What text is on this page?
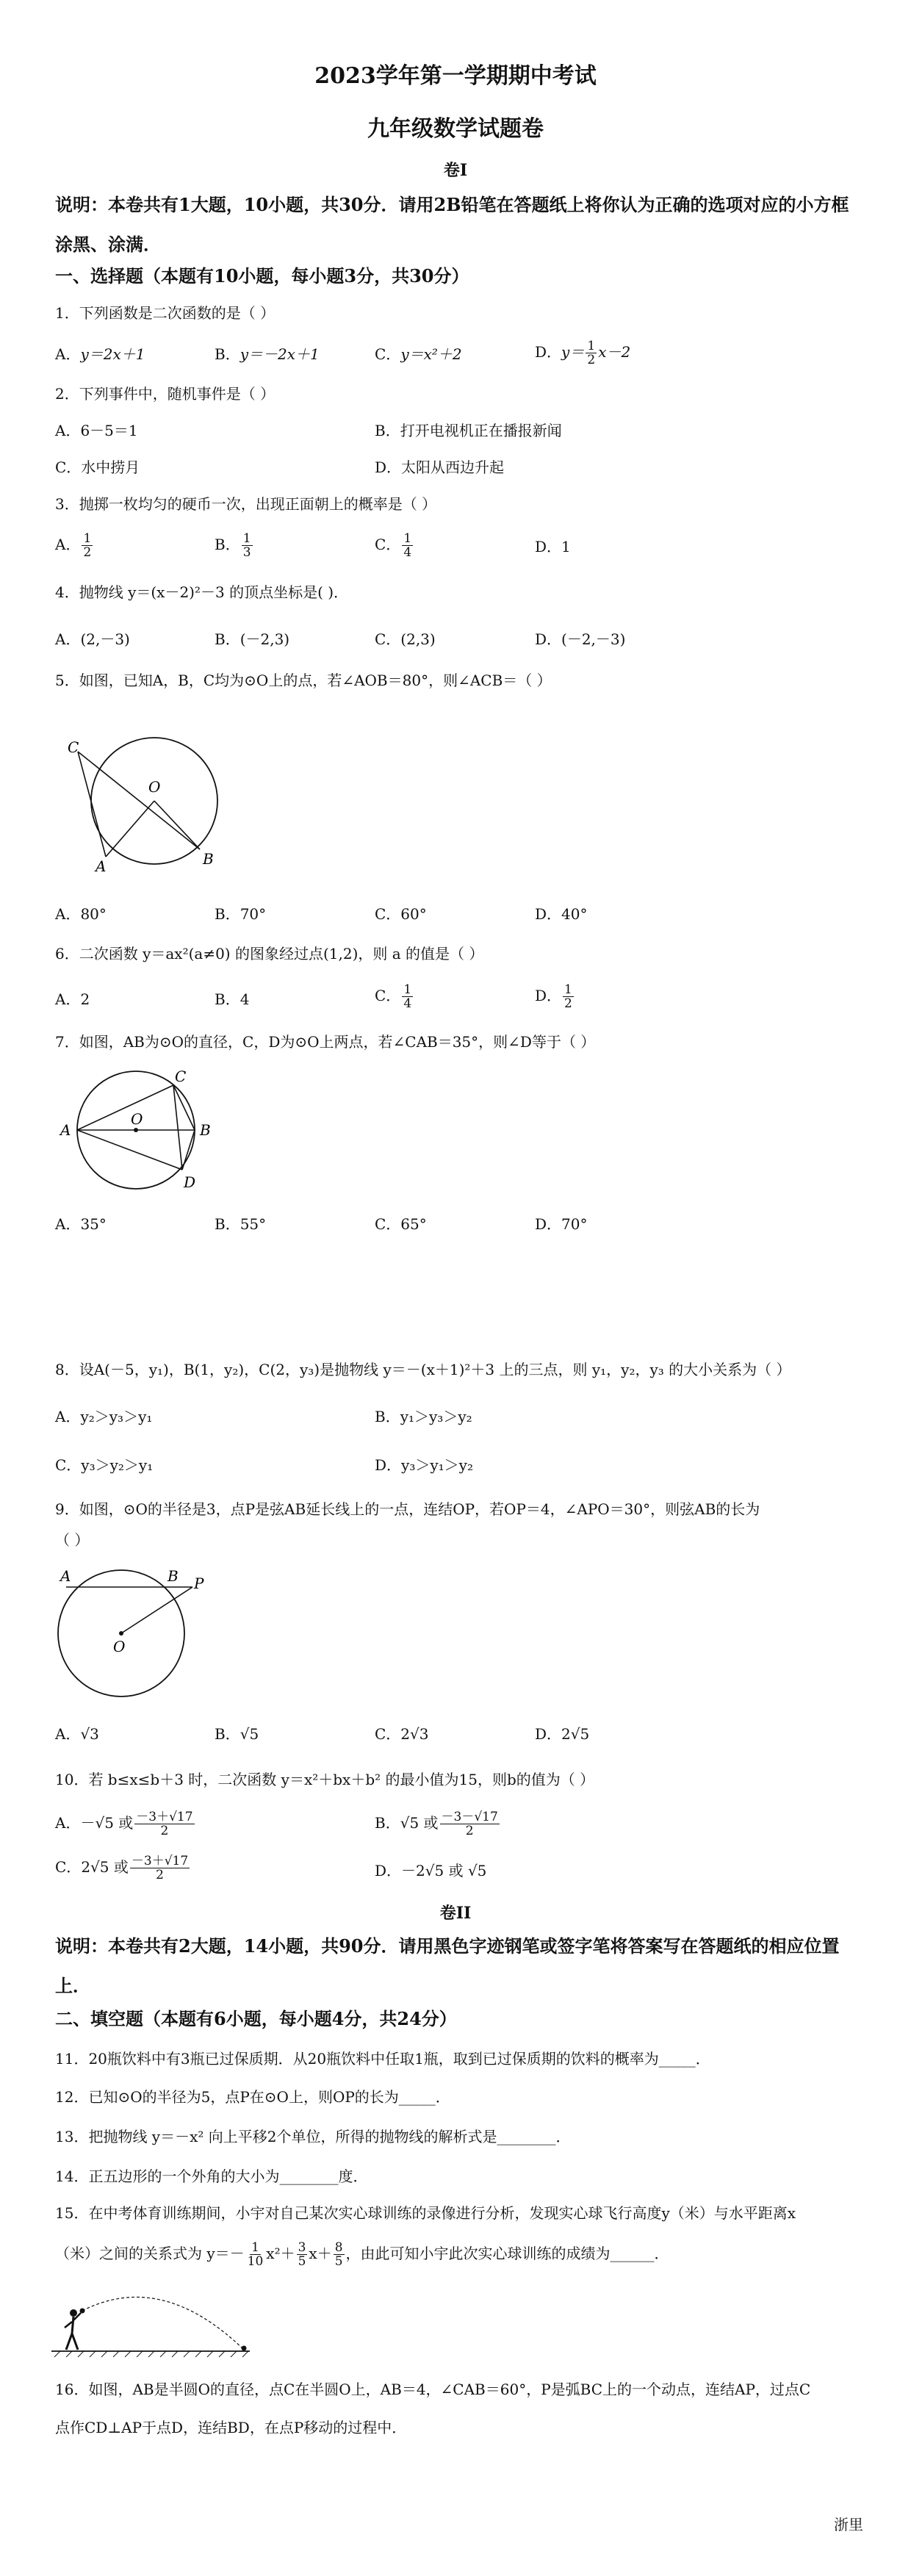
2023学年第一学期期中考试
九年级数学试题卷
卷I
说明：本卷共有1大题，10小题，共30分．请用2B铅笔在答题纸上将你认为正确的选项对应的小方框涂黑、涂满．
一、选择题（本题有10小题，每小题3分，共30分）
1．下列函数是二次函数的是（ ）
A．y＝2x＋1	B．y＝－2x＋1	C．y＝x²＋2	D．$y= \frac{1}{2} x-2$
2．下列事件中，随机事件是（ ）
A．6－5＝1	B．打开电视机正在播报新闻
C．水中捞月	D．太阳从西边升起
3．抛掷一枚均匀的硬币一次，出现正面朝上的概率是（ ）
A． $\frac{1}{2}$	B． $\frac{1}{3}$	C． $\frac{1}{4}$	D．1
4．抛物线 y＝(x－2)²－3 的顶点坐标是( )．
A．(2,－3)	B．(－2,3)	C．(2,3)	D．(－2,－3)
5．如图，已知A，B，C均为⊙O上的点，若∠AOB＝80°，则∠ACB＝（ ）
C
O
A	B
A．80°	B．70°	C．60°	D．40°
6．二次函数 y＝ax²(a≠0) 的图象经过点(1,2)，则 a 的值是（ ）
A．2	B．4	C． $\frac{1}{4}$	D． $\frac{1}{2}$
7．如图，AB为⊙O的直径，C，D为⊙O上两点，若∠CAB＝35°，则∠D等于（ ）
A
O
B
C
D
A．35°	B．55°	C．65°	D．70°
8．设A(－5，y₁)，B(1，y₂)，C(2，y₃)是抛物线 y＝－(x＋1)²＋3 上的三点，则 y₁，y₂，y₃ 的大小关系为（ ）
A．y₂＞y₃＞y₁	B．y₁＞y₃＞y₂
C．y₃＞y₂＞y₁	D．y₃＞y₁＞y₂
9．如图，⊙O的半径是3，点P是弦AB延长线上的一点，连结OP，若OP＝4，∠APO＝30°，则弦AB的长为
（ ）
A	B P
O
A．√3	B．√5	C．2√3	D．2√5
10．若 b≤x≤b＋3 时，二次函数 y＝x²＋bx＋b² 的最小值为15，则b的值为（ ）
A．－√5 或 $\frac{-3+√17}{2}$	B．√5 或 $\frac{-3-√17}{2}$
C．2√5 或 $\frac{-3+√17}{2}$	D．－2√5 或 √5
卷II
说明：本卷共有2大题，14小题，共90分．请用黑色字迹钢笔或签字笔将答案写在答题纸的相应位置上．
二、填空题（本题有6小题，每小题4分，共24分）
11．20瓶饮料中有3瓶已过保质期．从20瓶饮料中任取1瓶，取到已过保质期的饮料的概率为_____．
12．已知⊙O的半径为5，点P在⊙O上，则OP的长为_____．
13．把抛物线 y＝－x² 向上平移2个单位，所得的抛物线的解析式是________．
14．正五边形的一个外角的大小为________度．
15．在中考体育训练期间，小宇对自己某次实心球训练的录像进行分析，发现实心球飞行高度y（米）与水平距离x
（米）之间的关系式为 $y=- \frac{1}{10} x^2+ \frac{3}{5} x+ \frac{8}{5}$ ，由此可知小宇此次实心球训练的成绩为______．
16．如图，AB是半圆O的直径，点C在半圆O上，AB＝4，∠CAB＝60°，P是弧BC上的一个动点，连结AP，过点C
点作CD⊥AP于点D，连结BD，在点P移动的过程中．
浙里
